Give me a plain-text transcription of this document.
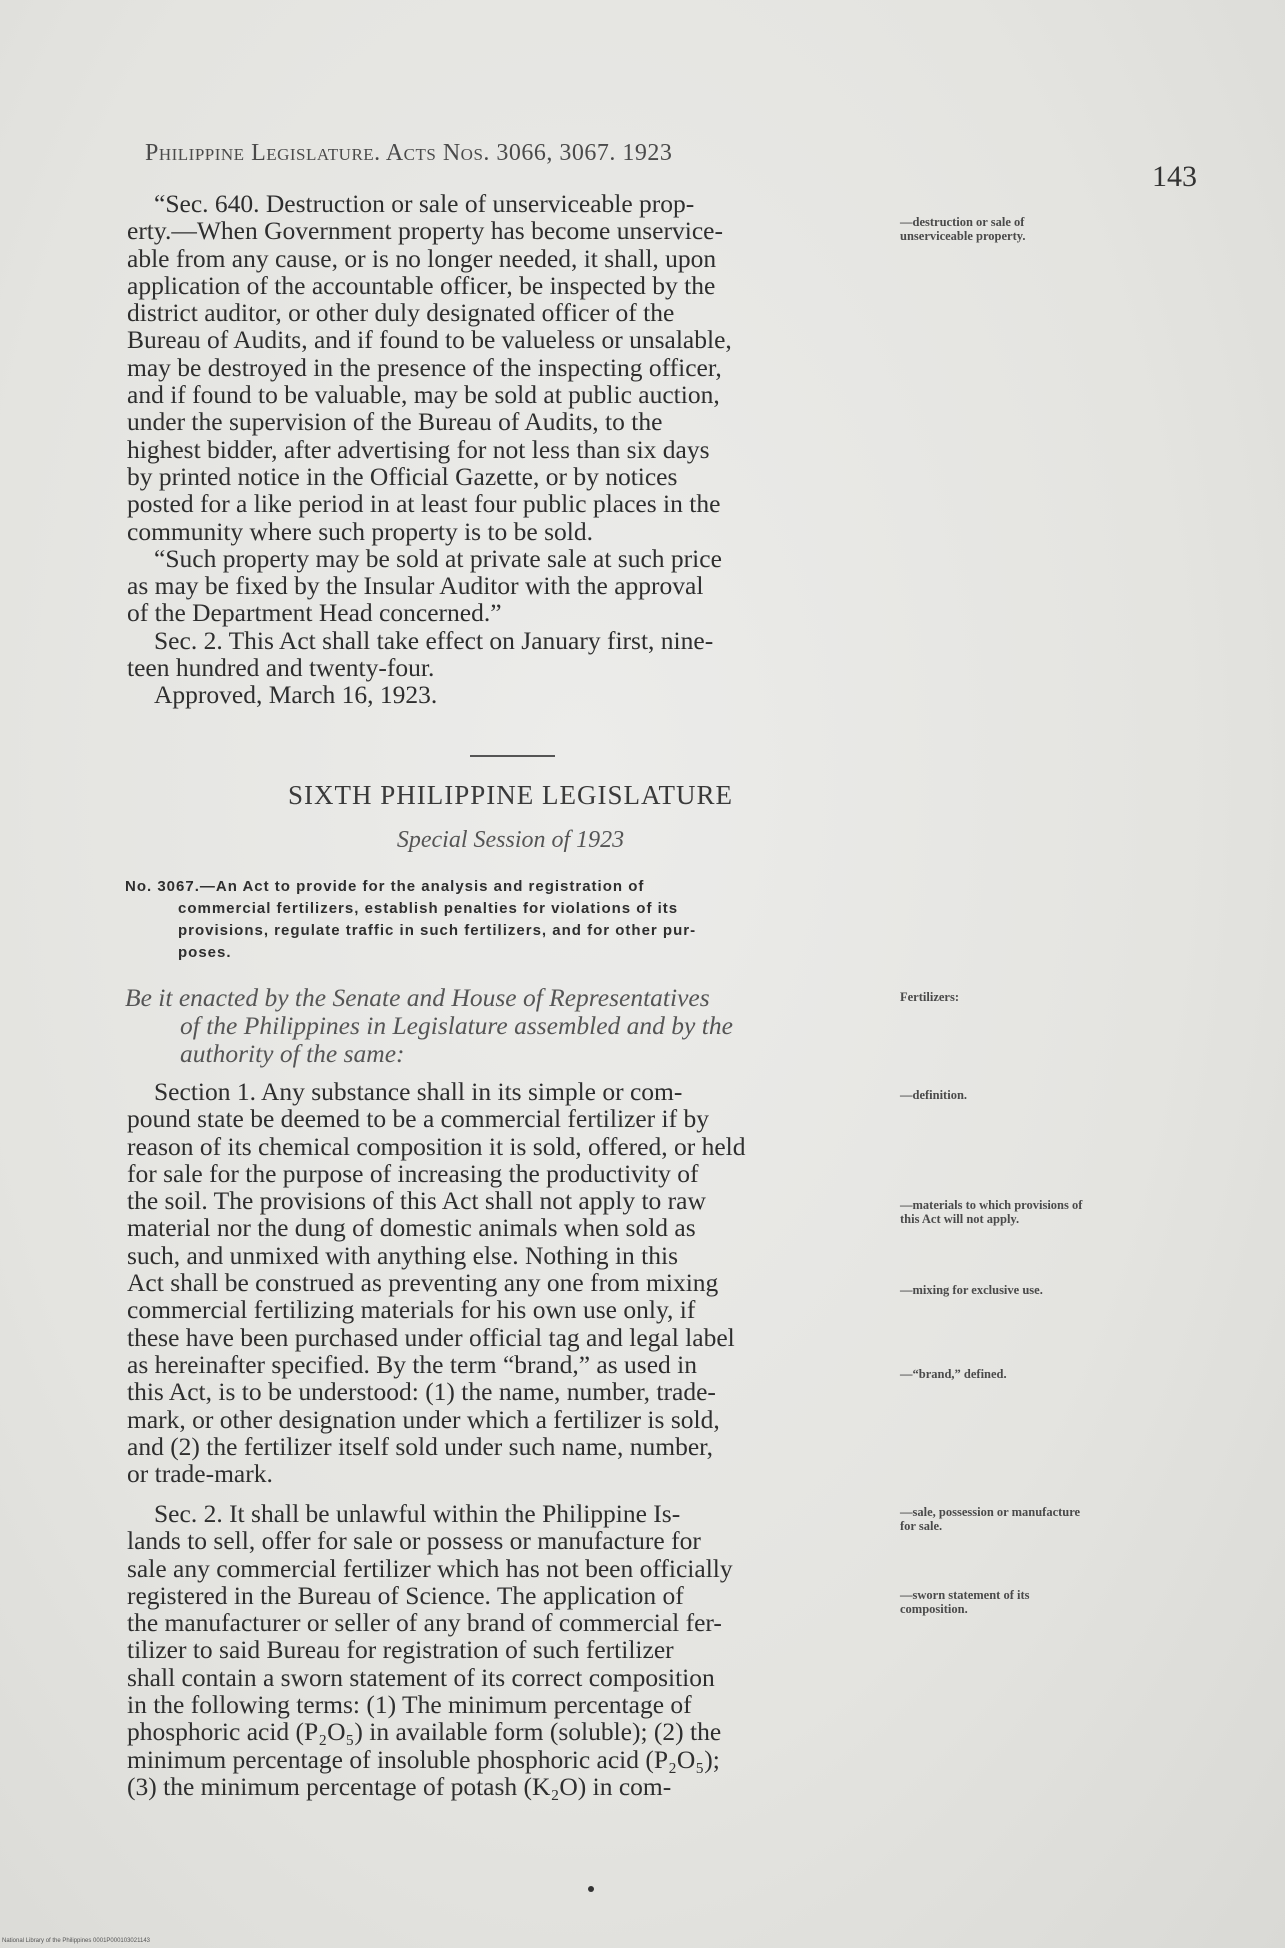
Philippine Legislature. Acts Nos. 3066, 3067. 1923
143

“Sec. 640. Destruction or sale of unserviceable prop-

erty.—When Government property has become unservice-

able from any cause, or is no longer needed, it shall, upon

application of the accountable officer, be inspected by the

district auditor, or other duly designated officer of the

Bureau of Audits, and if found to be valueless or unsalable,

may be destroyed in the presence of the inspecting officer,

and if found to be valuable, may be sold at public auction,

under the supervision of the Bureau of Audits, to the

highest bidder, after advertising for not less than six days

by printed notice in the Official Gazette, or by notices

posted for a like period in at least four public places in the

community where such property is to be sold.

“Such property may be sold at private sale at such price

as may be fixed by the Insular Auditor with the approval

of the Department Head concerned.”

Sec. 2. This Act shall take effect on January first, nine-

teen hundred and twenty-four.

Approved, March 16, 1923.

—destruction or sale of unserviceable property.
SIXTH PHILIPPINE LEGISLATURE
Special Session of 1923
No. 3067.—An Act to provide for the analysis and registration of
commercial fertilizers, establish penalties for violations of its
provisions, regulate traffic in such fertilizers, and for other pur-
poses.
Be it enacted by the Senate and House of Representatives
of the Philippines in Legislature assembled and by the
authority of the same:
Fertilizers:

Section 1. Any substance shall in its simple or com-

pound state be deemed to be a commercial fertilizer if by

reason of its chemical composition it is sold, offered, or held

for sale for the purpose of increasing the productivity of

the soil. The provisions of this Act shall not apply to raw

material nor the dung of domestic animals when sold as

such, and unmixed with anything else. Nothing in this

Act shall be construed as preventing any one from mixing

commercial fertilizing materials for his own use only, if

these have been purchased under official tag and legal label

as hereinafter specified. By the term “brand,” as used in

this Act, is to be understood: (1) the name, number, trade-

mark, or other designation under which a fertilizer is sold,

and (2) the fertilizer itself sold under such name, number,

or trade-mark.

—definition.
—materials to which provisions of this Act will not apply.
—mixing for exclusive use.
—“brand,” defined.

Sec. 2. It shall be unlawful within the Philippine Is-

lands to sell, offer for sale or possess or manufacture for

sale any commercial fertilizer which has not been officially

registered in the Bureau of Science. The application of

the manufacturer or seller of any brand of commercial fer-

tilizer to said Bureau for registration of such fertilizer

shall contain a sworn statement of its correct composition

in the following terms: (1) The minimum percentage of

phosphoric acid (P₂O₅) in available form (soluble); (2) the

minimum percentage of insoluble phosphoric acid (P₂O₅);

(3) the minimum percentage of potash (K₂O) in com-

—sale, possession or manufacture for sale.
—sworn statement of its composition.
National Library of the Philippines 0001P000103021143
